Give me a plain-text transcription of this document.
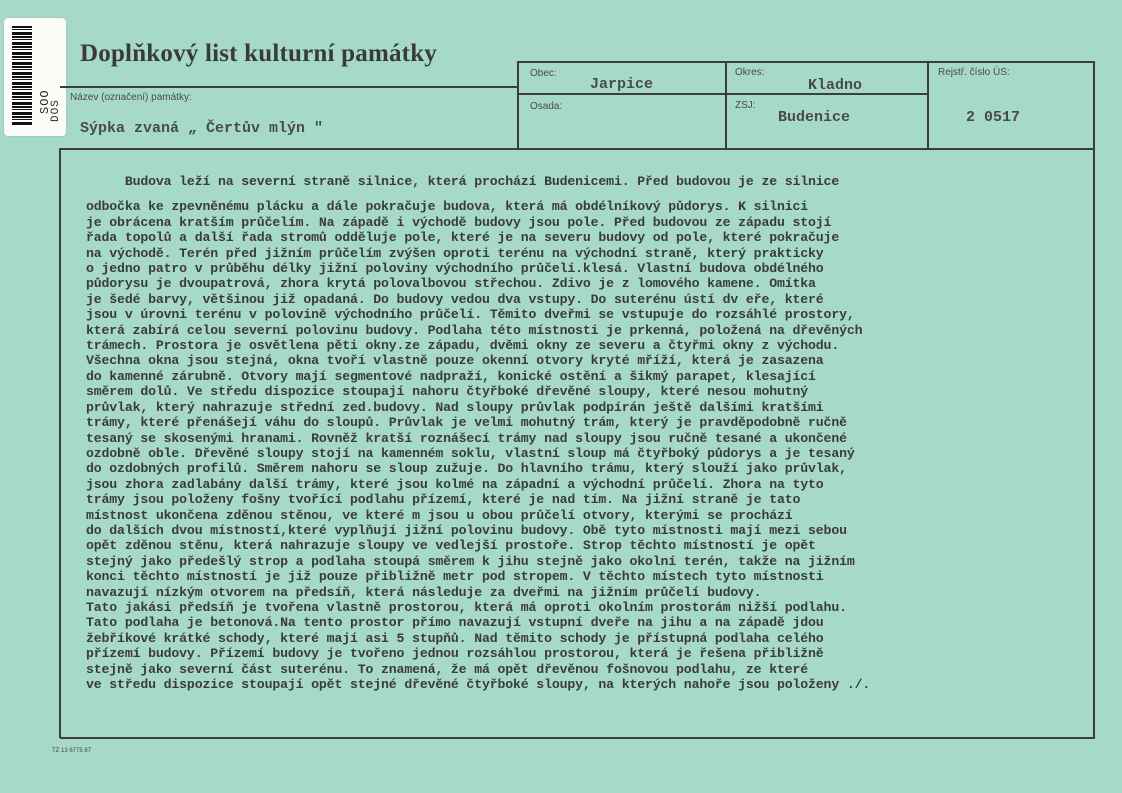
SOO
DOS
Doplňkový list kulturní památky
Název (označení) památky:
Sýpka zvaná „ Čertův mlýn "
Obec:
Jarpice
Osada:
Okres:
Kladno
ZSJ:
Budenice
Rejstř. číslo ÚS:
2 0517
Budova leží na severní straně silnice, která prochází Budenicemi. Před budovou je ze silnice

odbočka ke zpevněnému plácku a dále pokračuje budova, která má obdélníkový půdorys. K silnici
je obrácena kratším průčelím. Na západě i východě budovy jsou pole. Před budovou ze západu stojí
řada topolů a další řada stromů odděluje pole, které je na severu budovy od pole, které pokračuje
na východě. Terén před jižním průčelím zvýšen oproti terénu na východní straně, který prakticky
o jedno patro v průběhu délky jižní poloviny východního průčelí.klesá. Vlastní budova obdélného
půdorysu je dvoupatrová, zhora krytá polovalbovou střechou. Zdivo je z lomového kamene. Omítka
je šedé barvy, většinou již opadaná. Do budovy vedou dva vstupy. Do suterénu ústí dv eře, které
jsou v úrovni terénu v polovině východního průčelí. Těmito dveřmi se vstupuje do rozsáhlé prostory,
která zabírá celou severní polovinu budovy. Podlaha této místnosti je prkenná, položená na dřevěných
trámech. Prostora je osvětlena pěti okny.ze západu, dvěmi okny ze severu a čtyřmi okny z východu.
Všechna okna jsou stejná, okna tvoří vlastně pouze okenní otvory kryté mříží, která je zasazena
do kamenné zárubně. Otvory mají segmentové nadpraží, konické ostění a šikmý parapet, klesající
směrem dolů. Ve středu dispozice stoupají nahoru čtyřboké dřevěné sloupy, které nesou mohutný
průvlak, který nahrazuje střední zed.budovy. Nad sloupy průvlak podpírán ještě dalšími kratšími
trámy, které přenášejí váhu do sloupů. Průvlak je velmi mohutný trám, který je pravděpodobně ručně
tesaný se skosenými hranami. Rovněž kratší roznášecí trámy nad sloupy jsou ručně tesané a ukončené
ozdobně oble. Dřevěné sloupy stojí na kamenném soklu, vlastní sloup má čtyřboký půdorys a je tesaný
do ozdobných profilů. Směrem nahoru se sloup zužuje. Do hlavního trámu, který slouží jako průvlak,
jsou zhora zadlabány další trámy, které jsou kolmé na západní a východní průčelí. Zhora na tyto
trámy jsou položeny fošny tvořící podlahu přízemí, které je nad tím. Na jižní straně je tato
místnost ukončena zděnou stěnou, ve které m jsou u obou průčelí otvory, kterými se prochází
do dalších dvou místností,které vyplňují jižní polovinu budovy. Obě tyto místnosti mají mezi sebou
opět zděnou stěnu, která nahrazuje sloupy ve vedlejší prostoře. Strop těchto místností je opět
stejný jako předešlý strop a podlaha stoupá směrem k jihu stejně jako okolní terén, takže na jižním
konci těchto místností je již pouze přibližně metr pod stropem. V těchto místech tyto místnosti
navazují nízkým otvorem na předsíň, která následuje za dveřmi na jižním průčelí budovy.
Tato jakási předsíň je tvořena vlastně prostorou, která má oproti okolním prostorám nižší podlahu.
Tato podlaha je betonová.Na tento prostor přímo navazují vstupní dveře na jihu a na západě jdou
žebříkové krátké schody, které mají asi 5 stupňů. Nad těmito schody je přístupná podlaha celého
přízemí budovy. Přízemí budovy je tvořeno jednou rozsáhlou prostorou, která je řešena přibližně
stejně jako severní část suterénu. To znamená, že má opět dřevěnou fošnovou podlahu, ze které
ve středu dispozice stoupají opět stejné dřevěné čtyřboké sloupy, na kterých nahoře jsou položeny ./.
TZ 13 6775 87
